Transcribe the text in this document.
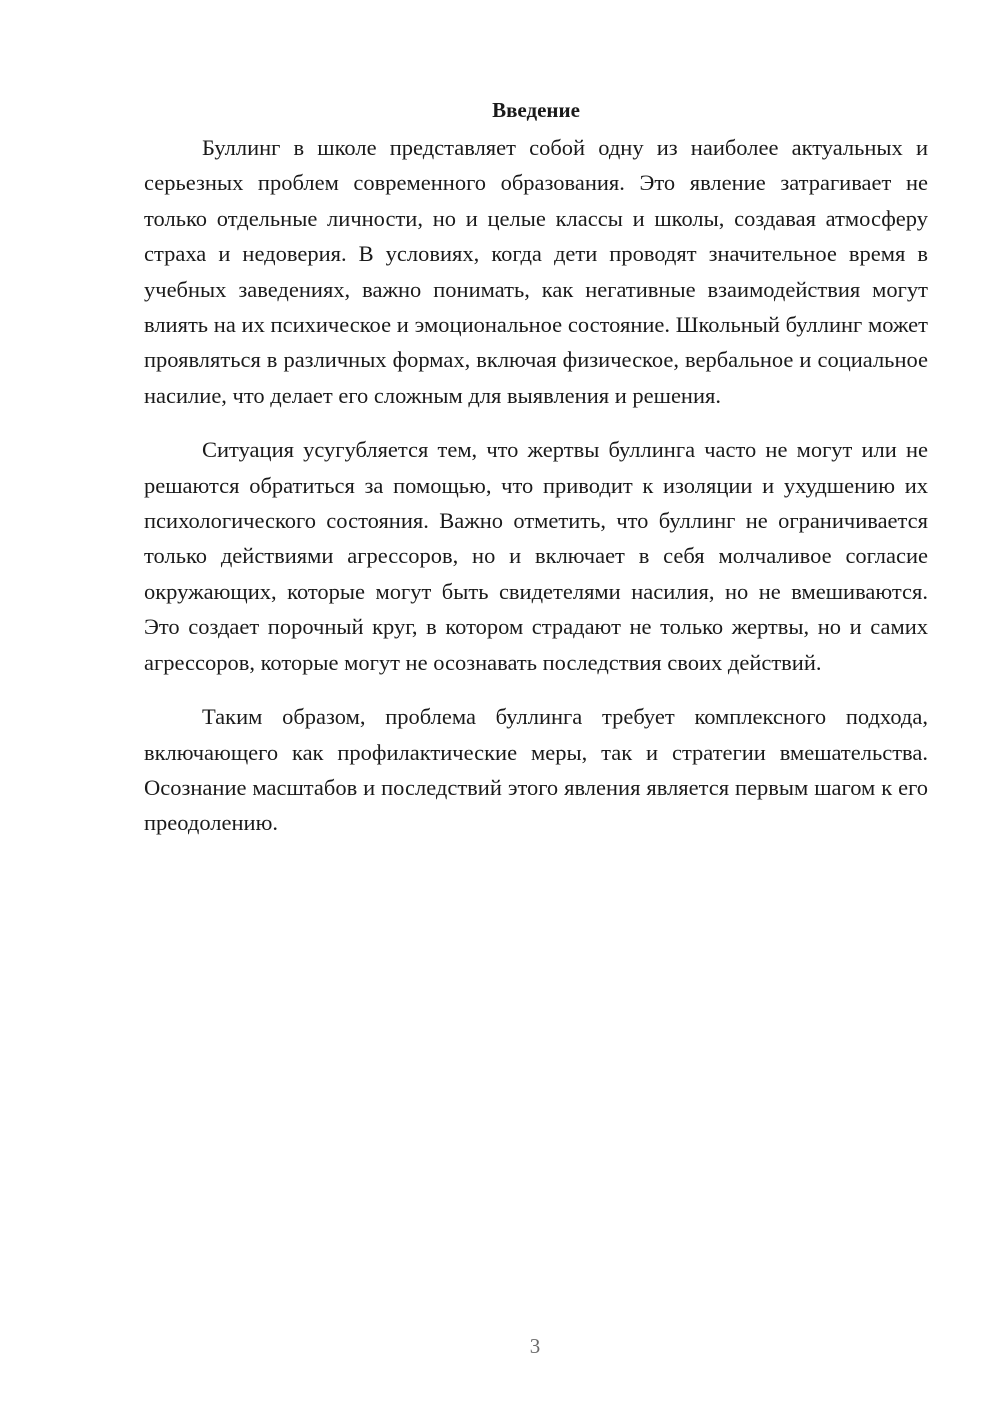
Введение

Буллинг в школе представляет собой одну из наиболее актуальных и серьезных проблем современного образования. Это явление затрагивает не только отдельные личности, но и целые классы и школы, создавая атмосферу страха и недоверия. В условиях, когда дети проводят значительное время в учебных заведениях, важно понимать, как негативные взаимодействия могут влиять на их психическое и эмоциональное состояние. Школьный буллинг может проявляться в различных формах, включая физическое, вербальное и социальное насилие, что делает его сложным для выявления и решения.

Ситуация усугубляется тем, что жертвы буллинга часто не могут или не решаются обратиться за помощью, что приводит к изоляции и ухудшению их психологического состояния. Важно отметить, что буллинг не ограничивается только действиями агрессоров, но и включает в себя молчаливое согласие окружающих, которые могут быть свидетелями насилия, но не вмешиваются. Это создает порочный круг, в котором страдают не только жертвы, но и самих агрессоров, которые могут не осознавать последствия своих действий.

Таким образом, проблема буллинга требует комплексного подхода, включающего как профилактические меры, так и стратегии вмешательства. Осознание масштабов и последствий этого явления является первым шагом к его преодолению.

3
